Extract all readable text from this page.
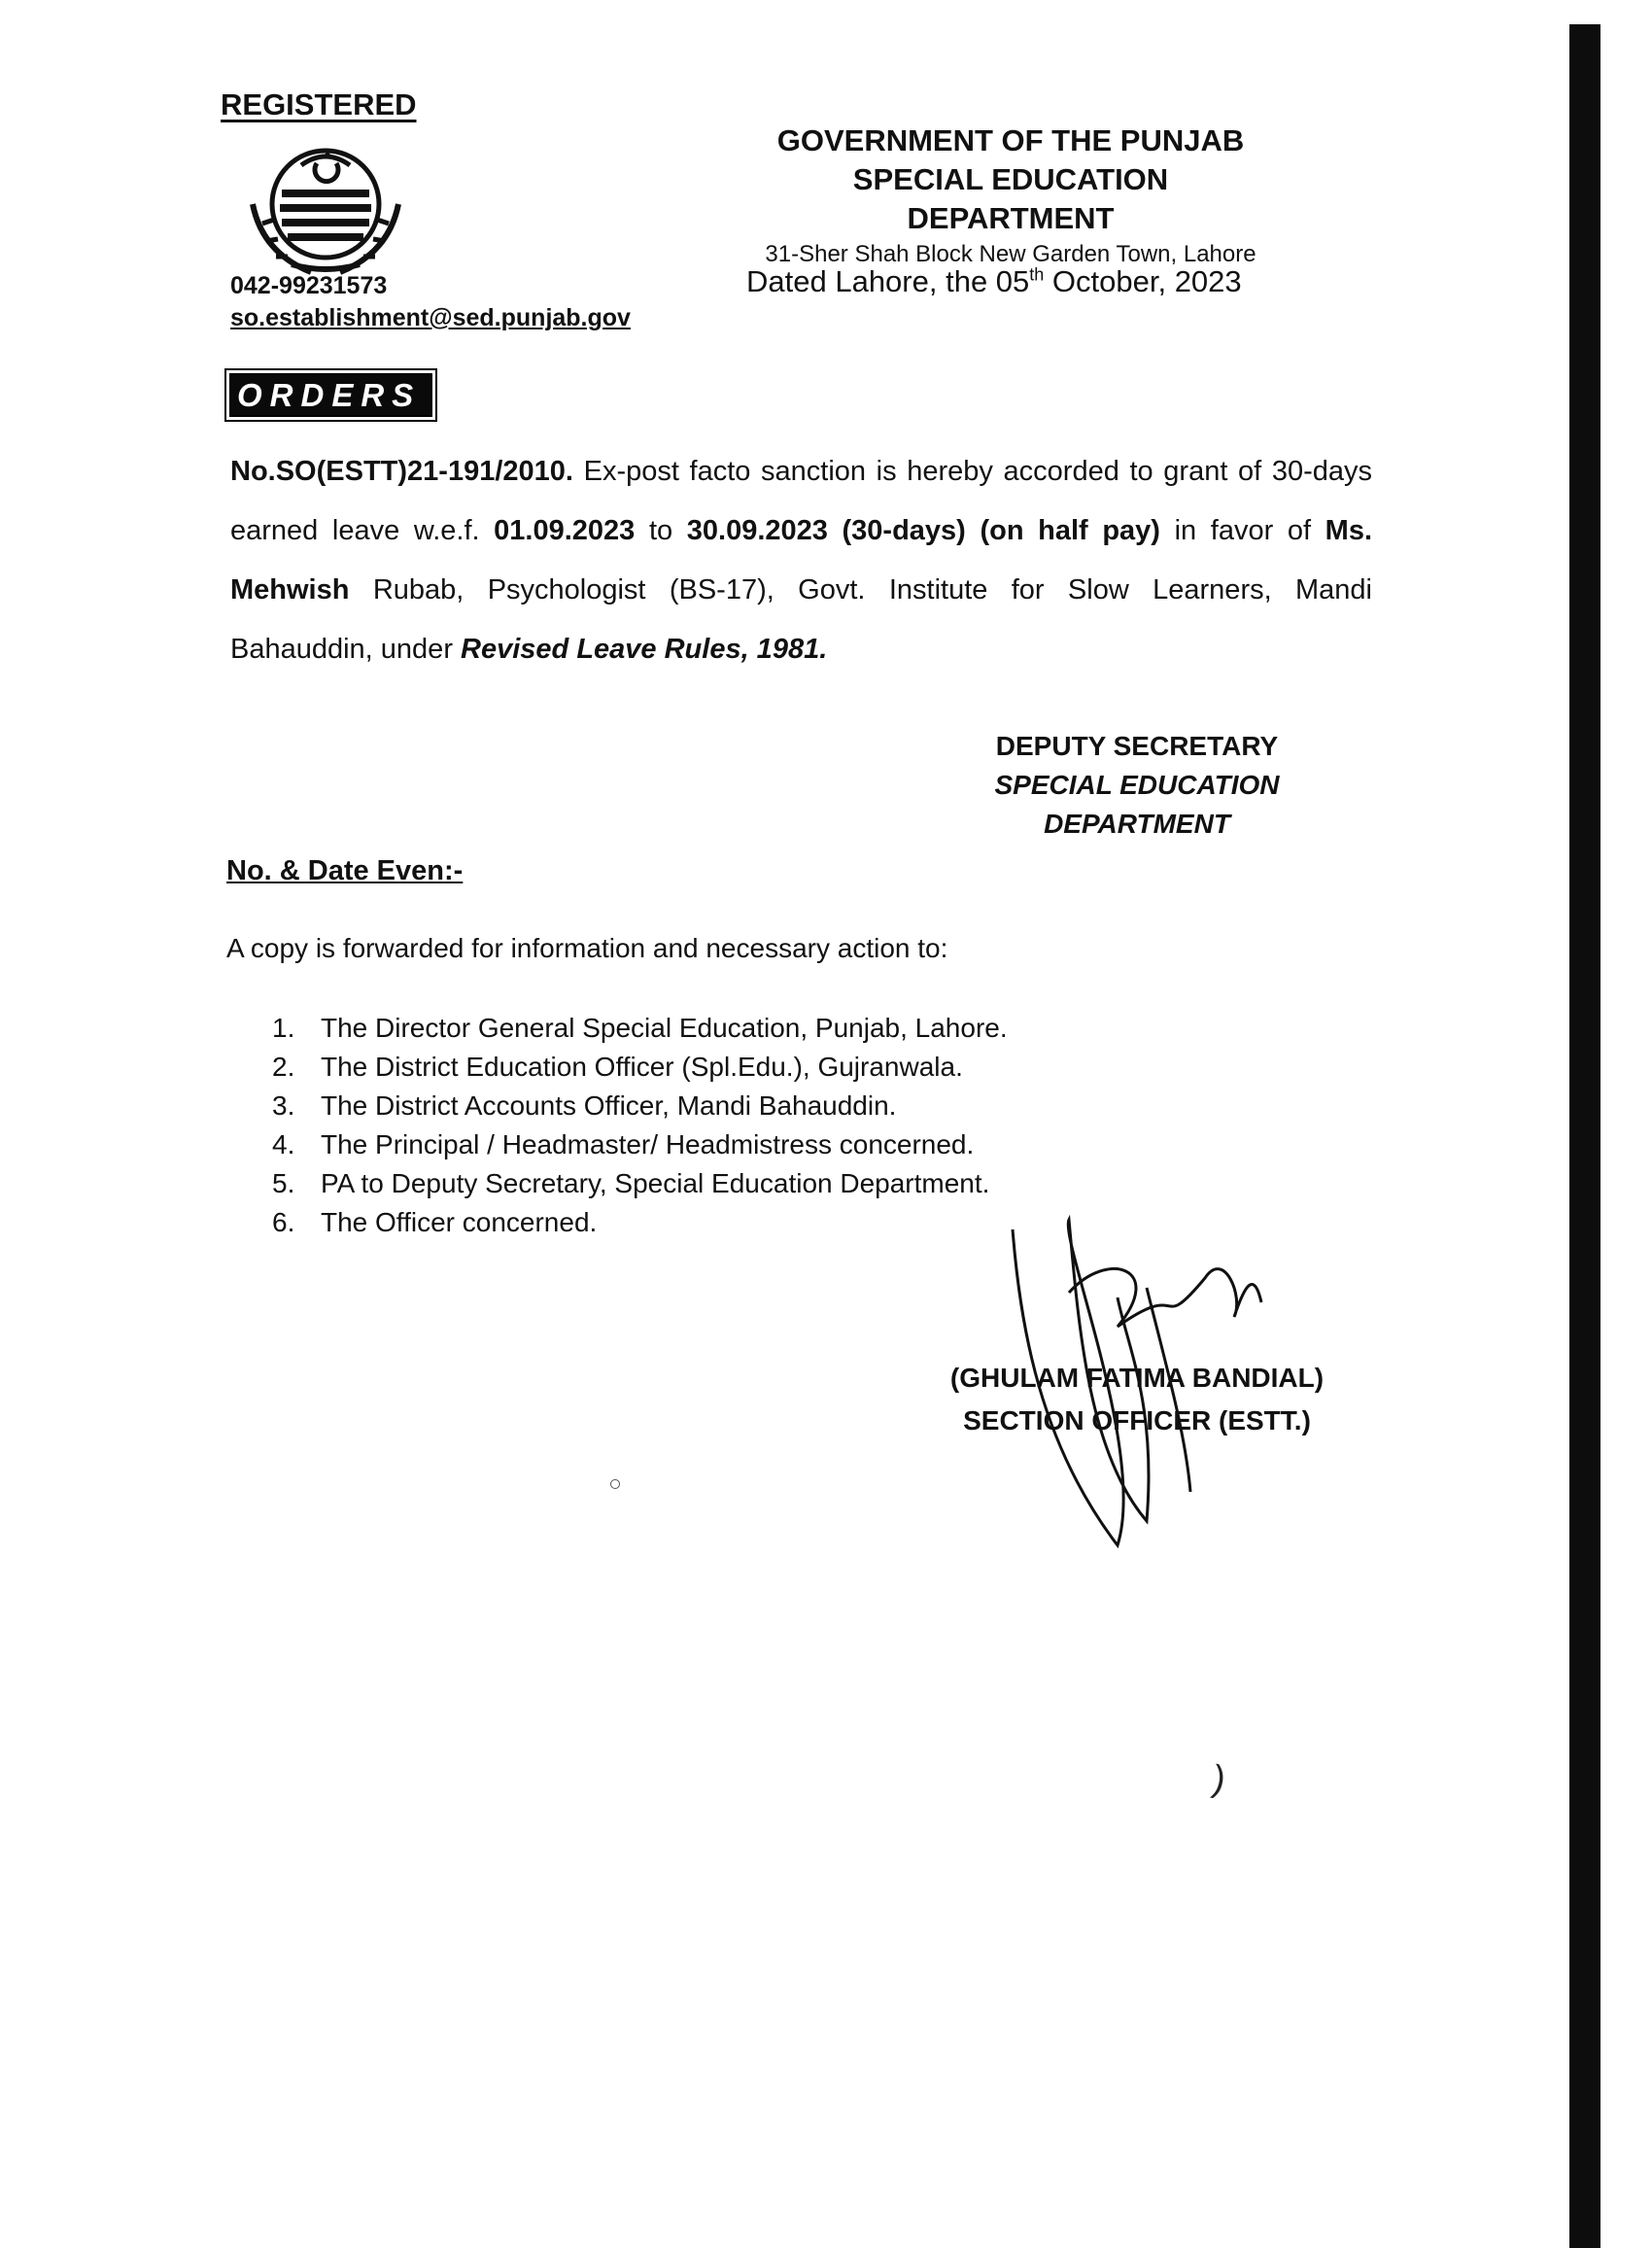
REGISTERED
042-99231573
so.establishment@sed.punjab.gov
GOVERNMENT OF THE PUNJAB
SPECIAL EDUCATION DEPARTMENT
31-Sher Shah Block New Garden Town, Lahore
Dated Lahore, the 05th October, 2023
ORDERS
No.SO(ESTT)21-191/2010. Ex-post facto sanction is hereby accorded to grant of 30-days earned leave w.e.f. 01.09.2023 to 30.09.2023 (30-days) (on half pay) in favor of Ms. Mehwish Rubab, Psychologist (BS-17), Govt. Institute for Slow Learners, Mandi Bahauddin, under Revised Leave Rules, 1981.
DEPUTY SECRETARY
SPECIAL EDUCATION
DEPARTMENT
No. & Date Even:-
A copy is forwarded for information and necessary action to:
1. The Director General Special Education, Punjab, Lahore.
2. The District Education Officer (Spl.Edu.), Gujranwala.
3. The District Accounts Officer, Mandi Bahauddin.
4. The Principal / Headmaster/ Headmistress concerned.
5. PA to Deputy Secretary, Special Education Department.
6. The Officer concerned.
(GHULAM FATIMA BANDIAL)
SECTION OFFICER (ESTT.)
)
